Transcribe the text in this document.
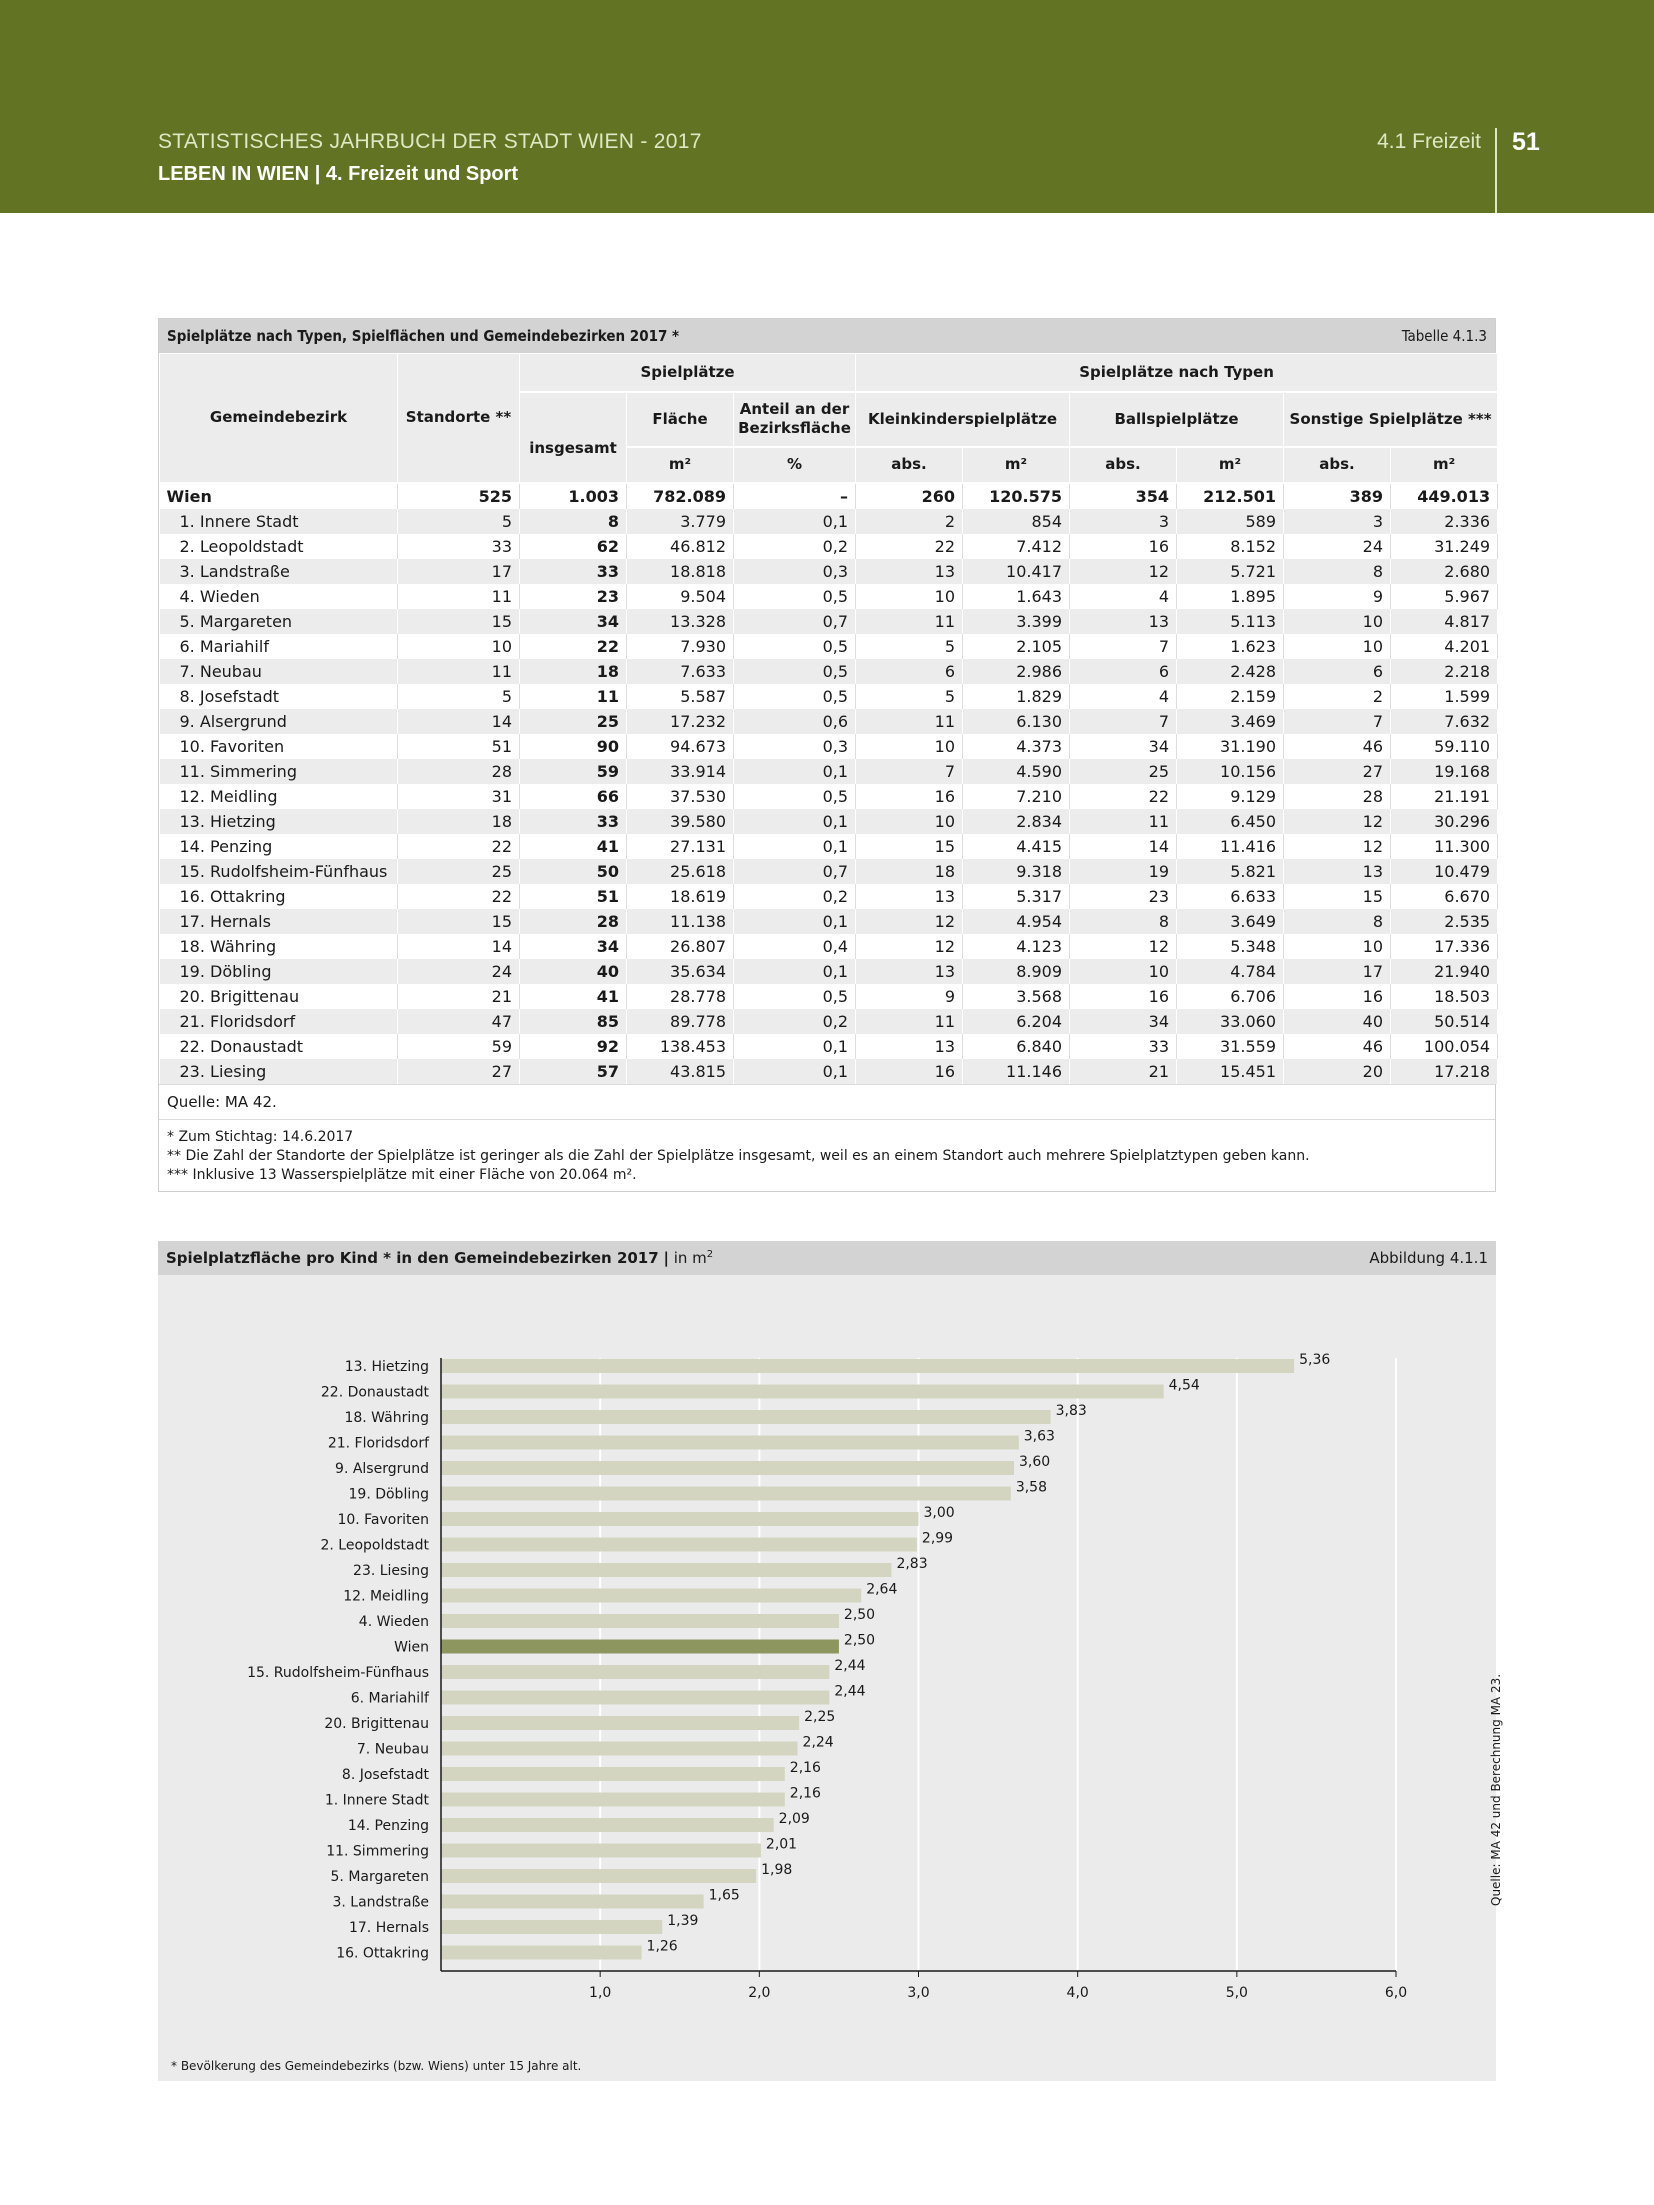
STATISTISCHES JAHRBUCH DER STADT WIEN - 2017
LEBEN IN WIEN | 4. Freizeit und Sport
4.1 Freizeit 51
Spielplätze nach Typen, Spielflächen und Gemeindebezirken 2017 *	Tabelle 4.1.3
Gemeindebezirk	Standorte **	Spielplätze			Spielplätze nach Typen					
		insgesamt	Fläche	Anteil an der Bezirksfläche	Kleinkinderspielplätze		Ballspielplätze		Sonstige Spielplätze ***	
			m²	%	abs.	m²	abs.	m²	abs.	m²
Wien	525	1.003	782.089	–	260	120.575	354	212.501	389	449.013
1. Innere Stadt	5	8	3.779	0,1	2	854	3	589	3	2.336
2. Leopoldstadt	33	62	46.812	0,2	22	7.412	16	8.152	24	31.249
3. Landstraße	17	33	18.818	0,3	13	10.417	12	5.721	8	2.680
4. Wieden	11	23	9.504	0,5	10	1.643	4	1.895	9	5.967
5. Margareten	15	34	13.328	0,7	11	3.399	13	5.113	10	4.817
6. Mariahilf	10	22	7.930	0,5	5	2.105	7	1.623	10	4.201
7. Neubau	11	18	7.633	0,5	6	2.986	6	2.428	6	2.218
8. Josefstadt	5	11	5.587	0,5	5	1.829	4	2.159	2	1.599
9. Alsergrund	14	25	17.232	0,6	11	6.130	7	3.469	7	7.632
10. Favoriten	51	90	94.673	0,3	10	4.373	34	31.190	46	59.110
11. Simmering	28	59	33.914	0,1	7	4.590	25	10.156	27	19.168
12. Meidling	31	66	37.530	0,5	16	7.210	22	9.129	28	21.191
13. Hietzing	18	33	39.580	0,1	10	2.834	11	6.450	12	30.296
14. Penzing	22	41	27.131	0,1	15	4.415	14	11.416	12	11.300
15. Rudolfsheim-Fünfhaus	25	50	25.618	0,7	18	9.318	19	5.821	13	10.479
16. Ottakring	22	51	18.619	0,2	13	5.317	23	6.633	15	6.670
17. Hernals	15	28	11.138	0,1	12	4.954	8	3.649	8	2.535
18. Währing	14	34	26.807	0,4	12	4.123	12	5.348	10	17.336
19. Döbling	24	40	35.634	0,1	13	8.909	10	4.784	17	21.940
20. Brigittenau	21	41	28.778	0,5	9	3.568	16	6.706	16	18.503
21. Floridsdorf	47	85	89.778	0,2	11	6.204	34	33.060	40	50.514
22. Donaustadt	59	92	138.453	0,1	13	6.840	33	31.559	46	100.054
23. Liesing	27	57	43.815	0,1	16	11.146	21	15.451	20	17.218
Quelle: MA 42.
* Zum Stichtag: 14.6.2017
** Die Zahl der Standorte der Spielplätze ist geringer als die Zahl der Spielplätze insgesamt, weil es an einem Standort auch mehrere Spielplatztypen geben kann.
*** Inklusive 13 Wasserspielplätze mit einer Fläche von 20.064 m².
Spielplatzfläche pro Kind * in den Gemeindebezirken 2017 | in $m^2$	Abbildung 4.1.1
13. Hietzing	5,36
22. Donaustadt	4,54
18. Währing	3,83
21. Floridsdorf	3,63
9. Alsergrund	3,60
19. Döbling	3,58
10. Favoriten	3,00
2. Leopoldstadt	2,99
23. Liesing	2,83
12. Meidling	2,64
4. Wieden	2,50
Wien	2,50
15. Rudolfsheim-Fünfhaus	2,44
6. Mariahilf	2,44
20. Brigittenau	2,25
7. Neubau	2,24
8. Josefstadt	2,16
1. Innere Stadt	2,16
14. Penzing	2,09
11. Simmering	2,01
5. Margareten	1,98
3. Landstraße	1,65
17. Hernals	1,39
16. Ottakring	1,26
1,0	2,0	3,0	4,0	5,0	6,0
* Bevölkerung des Gemeindebezirks (bzw. Wiens) unter 15 Jahre alt.
Quelle: MA 42 und Berechnung MA 23.
